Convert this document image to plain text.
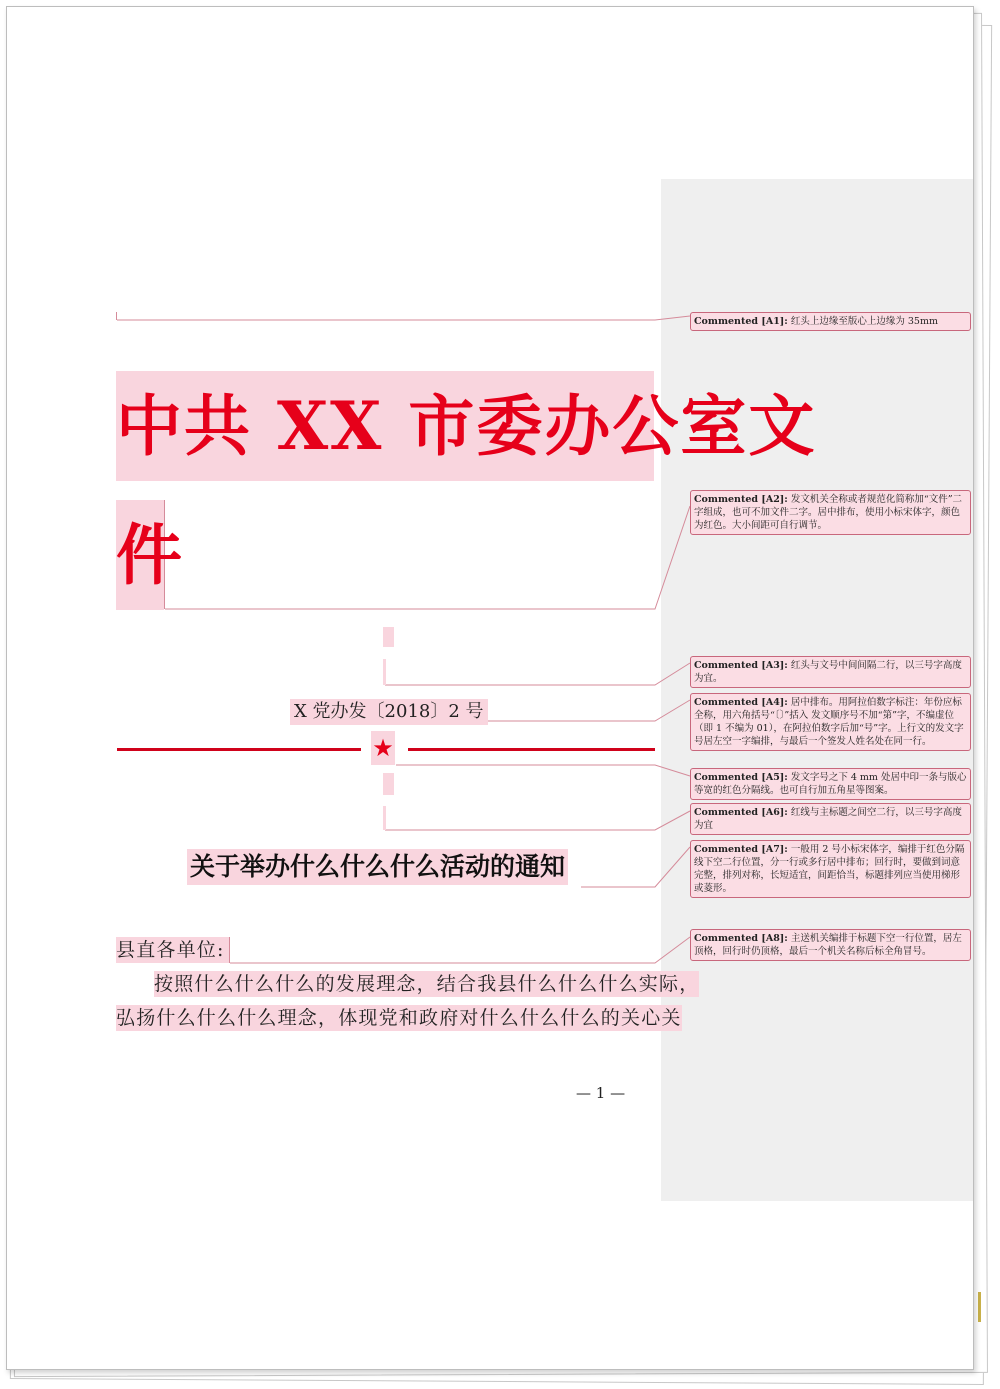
中共 XX 市委办公室文
件
X 党办发〔2018〕2 号
★
关于举办什么什么什么活动的通知
县直各单位:
按照什么什么什么的发展理念，结合我县什么什么什么实际，
弘扬什么什么什么理念，体现党和政府对什么什么什么的关心关
— 1 —
Commented [A1]: 红头上边缘至版心上边缘为 35mm
Commented [A2]: 发文机关全称或者规范化简称加“文件”二字组成，也可不加文件二字。居中排布，使用小标宋体字，颜色为红色。大小间距可自行调节。
Commented [A3]: 红头与文号中间间隔二行，以三号字高度为宜。
Commented [A4]: 居中排布。用阿拉伯数字标注：年份应标全称，用六角括号“〔〕”括入 发文顺序号不加“第”字，不编虚位（即 1 不编为 01），在阿拉伯数字后加“号”字。上行文的发文字号居左空一字编排，与最后一个签发人姓名处在同一行。
Commented [A5]: 发文字号之下 4 mm 处居中印一条与版心等宽的红色分隔线。也可自行加五角星等图案。
Commented [A6]: 红线与主标题之间空二行，以三号字高度为宜
Commented [A7]: 一般用 2 号小标宋体字，编排于红色分隔线下空二行位置，分一行或多行居中排布；回行时，要做到词意完整，排列对称，长短适宜，间距恰当，标题排列应当使用梯形或菱形。
Commented [A8]: 主送机关编排于标题下空一行位置，居左顶格，回行时仍顶格，最后一个机关名称后标全角冒号。
